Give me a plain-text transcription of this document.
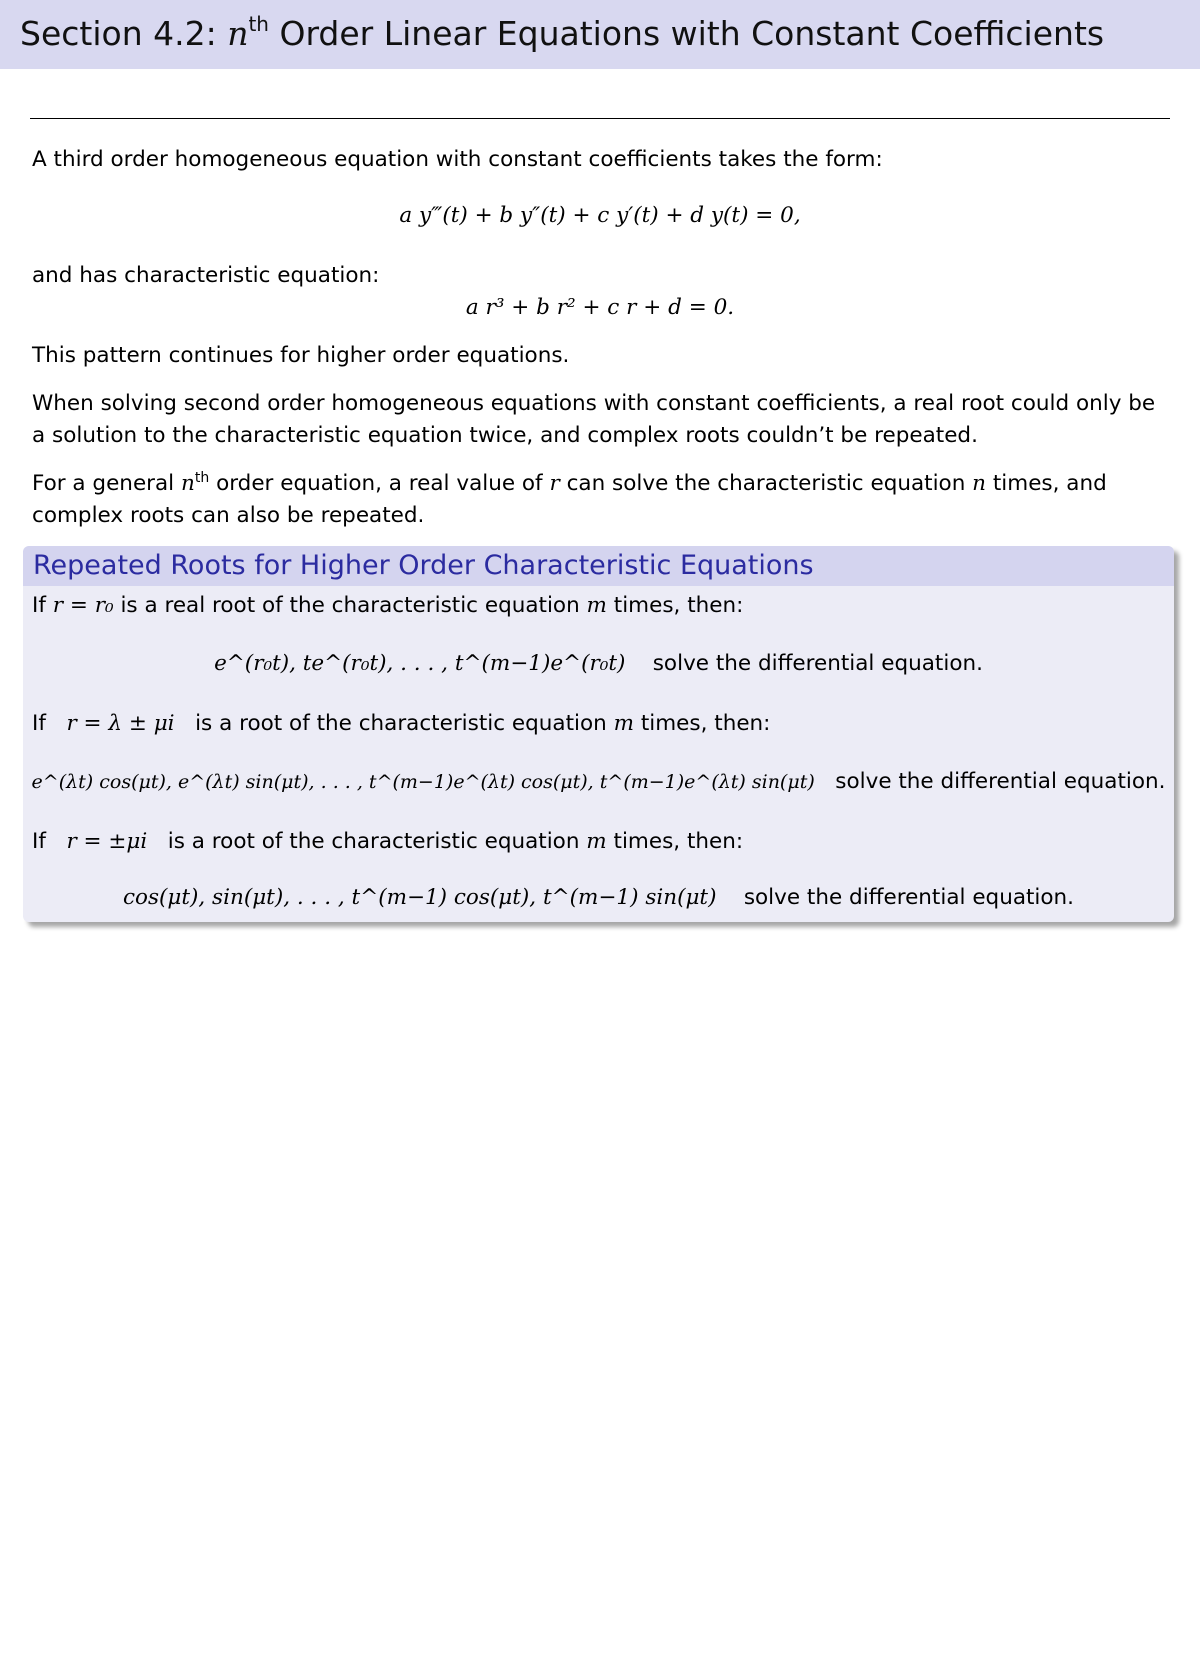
Section 4.2: $n^{th}$ Order Linear Equations with Constant Coefficients
A third order homogeneous equation with constant coefficients takes the form:
a y‴(t) + b y″(t) + c y′(t) + d y(t) = 0,
and has characteristic equation:
a r³ + b r² + c r + d = 0.
This pattern continues for higher order equations.
When solving second order homogeneous equations with constant coefficients, a real root could only be
a solution to the characteristic equation twice, and complex roots couldn’t be repeated.
For a general $n^{th}$ order equation, a real value of r can solve the characteristic equation n times, and
complex roots can also be repeated.
Repeated Roots for Higher Order Characteristic Equations
If r = r₀ is a real root of the characteristic equation m times, then:
e^(r₀t), te^(r₀t), . . . , t^(m−1)e^(r₀t) solve the differential equation.
If r = λ ± μi is a root of the characteristic equation m times, then:
e^(λt) cos(μt), e^(λt) sin(μt), . . . , t^(m−1)e^(λt) cos(μt), t^(m−1)e^(λt) sin(μt) solve the differential equation.
If r = ±μi is a root of the characteristic equation m times, then:
cos(μt), sin(μt), . . . , t^(m−1) cos(μt), t^(m−1) sin(μt) solve the differential equation.
